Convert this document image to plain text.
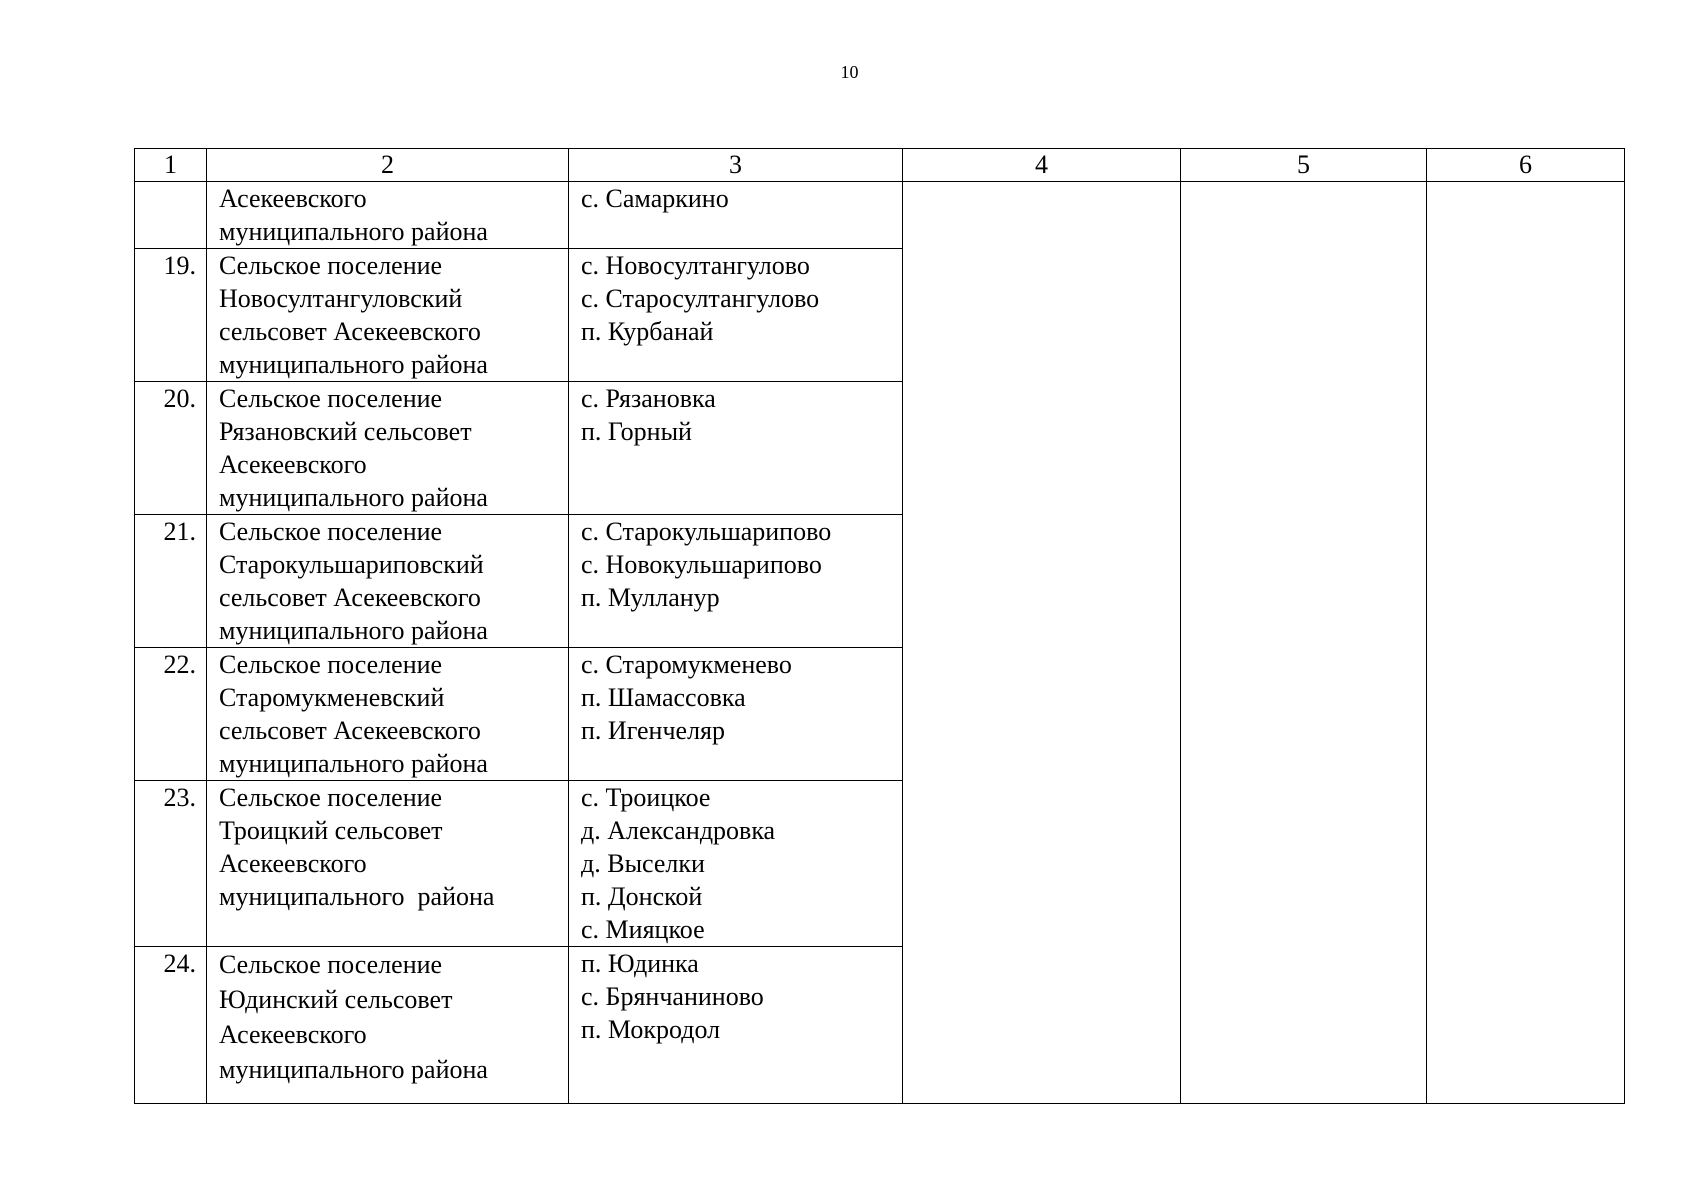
10
1	2	3	4	5	6

	Асекеевского
муниципального района	с. Самаркино			

19.	Сельское поселение
Новосултангуловский
сельсовет Асекеевского
муниципального района	с. Новосултангулово
с. Старосултангулово
п. Курбанай			

20.	Сельское поселение
Рязановский сельсовет
Асекеевского
муниципального района	с. Рязановка
п. Горный			

21.	Сельское поселение
Старокульшариповский
сельсовет Асекеевского
муниципального района	с. Старокульшарипово
с. Новокульшарипово
п. Мулланур			

22.	Сельское поселение
Старомукменевский
сельсовет Асекеевского
муниципального района	с. Старомукменево
п. Шамассовка
п. Игенчеляр			

23.	Сельское поселение
Троицкий сельсовет
Асекеевского
муниципального  района	с. Троицкое
д. Александровка
д. Выселки
п. Донской
с. Мияцкое			

24.	Сельское поселение
Юдинский сельсовет
Асекеевского
муниципального района	п. Юдинка
с. Брянчаниново
п. Мокродол			
